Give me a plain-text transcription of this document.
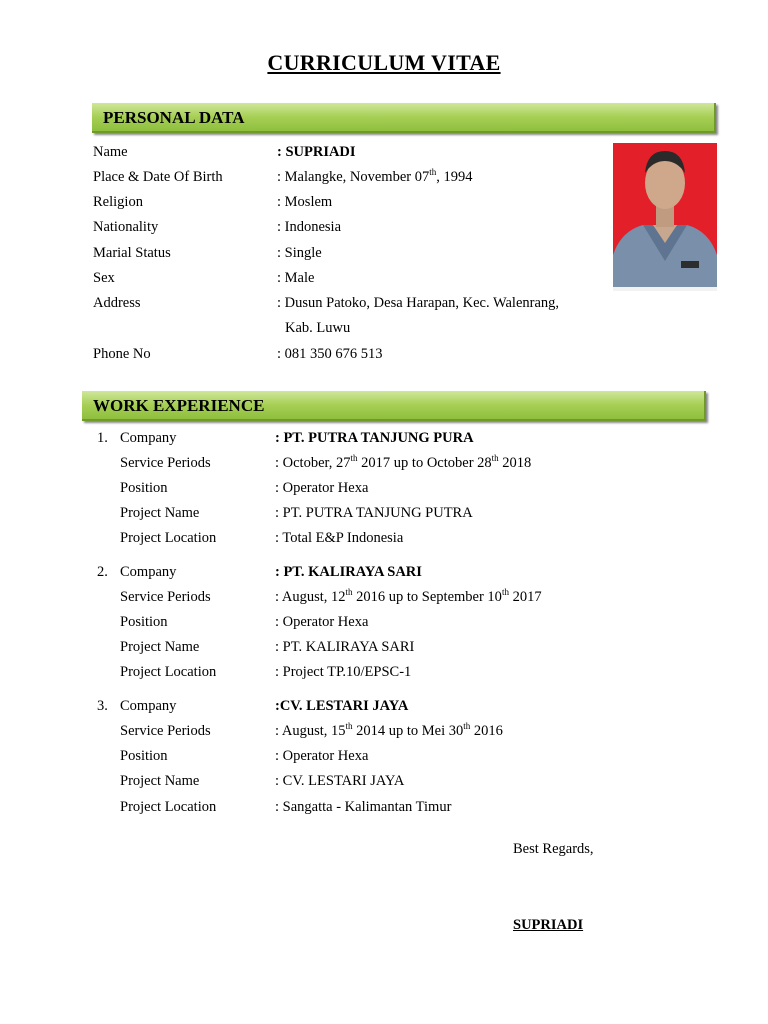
CURRICULUM VITAE
PERSONAL DATA
Name	: SUPRIADI
Place & Date Of Birth	: Malangke, November 07th, 1994
Religion	: Moslem
Nationality	: Indonesia
Marial Status	: Single
Sex	: Male
Address	: Dusun Patoko, Desa Harapan, Kec. Walenrang,
Kab. Luwu
Phone No	: 081 350 676 513
WORK EXPERIENCE
1. Company	: PT. PUTRA TANJUNG PURA
Service Periods	: October, 27th 2017 up to October 28th 2018
Position	: Operator Hexa
Project Name	: PT. PUTRA TANJUNG PUTRA
Project Location	: Total E&P Indonesia
2. Company	: PT. KALIRAYA SARI
Service Periods	: August, 12th 2016 up to September 10th 2017
Position	: Operator Hexa
Project Name	: PT. KALIRAYA SARI
Project Location	: Project TP.10/EPSC-1
3. Company	:CV. LESTARI JAYA
Service Periods	: August, 15th 2014 up to Mei 30th 2016
Position	: Operator Hexa
Project Name	: CV. LESTARI JAYA
Project Location	: Sangatta - Kalimantan Timur
Best Regards,
SUPRIADI
